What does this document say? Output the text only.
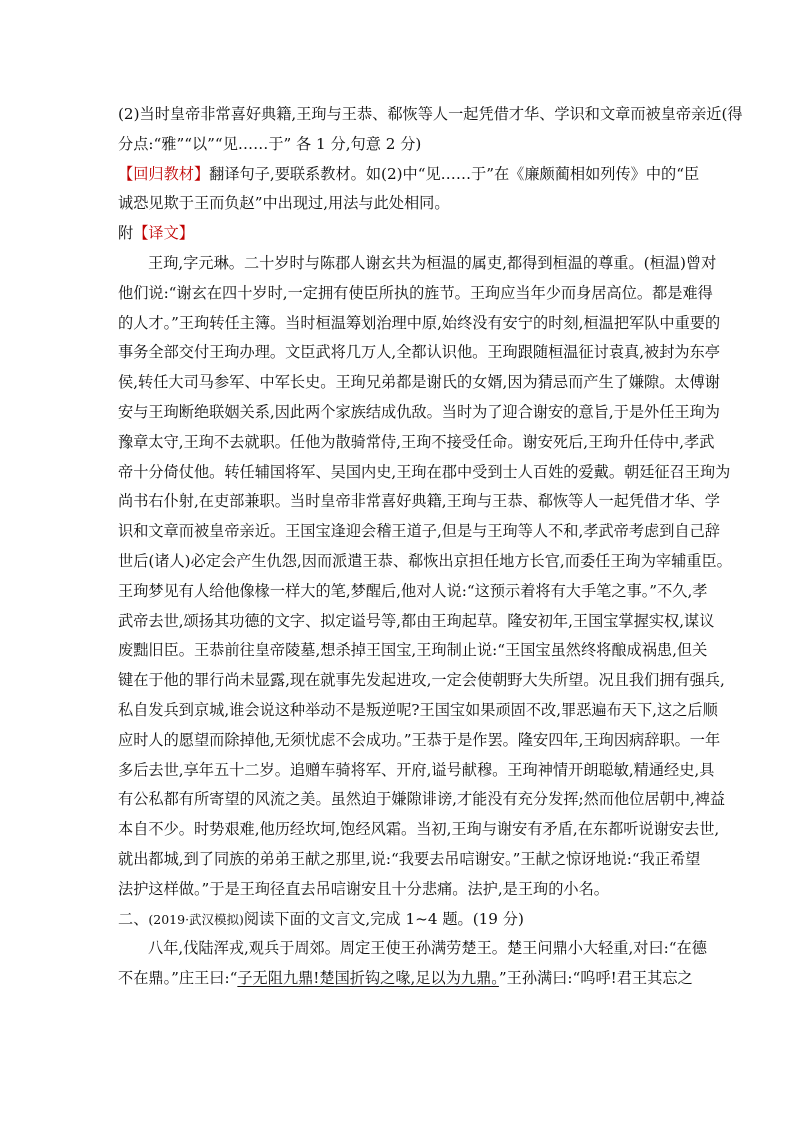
(2)当时皇帝非常喜好典籍,王珣与王恭、郗恢等人一起凭借才华、学识和文章而被皇帝亲近(得
分点:“雅”“以”“见……于” 各 1 分,句意 2 分)
【回归教材】翻译句子,要联系教材。如(2)中“见……于”在《廉颇蔺相如列传》中的“臣
诚恐见欺于王而负赵”中出现过,用法与此处相同。
附【译文】
王珣,字元琳。二十岁时与陈郡人谢玄共为桓温的属吏,都得到桓温的尊重。(桓温)曾对
他们说:“谢玄在四十岁时,一定拥有使臣所执的旌节。王珣应当年少而身居高位。都是难得
的人才。”王珣转任主簿。当时桓温筹划治理中原,始终没有安宁的时刻,桓温把军队中重要的
事务全部交付王珣办理。文臣武将几万人,全都认识他。王珣跟随桓温征讨袁真,被封为东亭
侯,转任大司马参军、中军长史。王珣兄弟都是谢氏的女婿,因为猜忌而产生了嫌隙。太傅谢
安与王珣断绝联姻关系,因此两个家族结成仇敌。当时为了迎合谢安的意旨,于是外任王珣为
豫章太守,王珣不去就职。任他为散骑常侍,王珣不接受任命。谢安死后,王珣升任侍中,孝武
帝十分倚仗他。转任辅国将军、吴国内史,王珣在郡中受到士人百姓的爱戴。朝廷征召王珣为
尚书右仆射,在吏部兼职。当时皇帝非常喜好典籍,王珣与王恭、郗恢等人一起凭借才华、学
识和文章而被皇帝亲近。王国宝逢迎会稽王道子,但是与王珣等人不和,孝武帝考虑到自己辞
世后(诸人)必定会产生仇怨,因而派遣王恭、郗恢出京担任地方长官,而委任王珣为宰辅重臣。
王珣梦见有人给他像椽一样大的笔,梦醒后,他对人说:“这预示着将有大手笔之事。”不久,孝
武帝去世,颂扬其功德的文字、拟定谥号等,都由王珣起草。隆安初年,王国宝掌握实权,谋议
废黜旧臣。王恭前往皇帝陵墓,想杀掉王国宝,王珣制止说:“王国宝虽然终将酿成祸患,但关
键在于他的罪行尚未显露,现在就事先发起进攻,一定会使朝野大失所望。况且我们拥有强兵,
私自发兵到京城,谁会说这种举动不是叛逆呢?王国宝如果顽固不改,罪恶遍布天下,这之后顺
应时人的愿望而除掉他,无须忧虑不会成功。”王恭于是作罢。隆安四年,王珣因病辞职。一年
多后去世,享年五十二岁。追赠车骑将军、开府,谥号献穆。王珣神情开朗聪敏,精通经史,具
有公私都有所寄望的风流之美。虽然迫于嫌隙诽谤,才能没有充分发挥;然而他位居朝中,裨益
本自不少。时势艰难,他历经坎坷,饱经风霜。当初,王珣与谢安有矛盾,在东都听说谢安去世,
就出都城,到了同族的弟弟王献之那里,说:“我要去吊唁谢安。”王献之惊讶地说:“我正希望
法护这样做。”于是王珣径直去吊唁谢安且十分悲痛。法护,是王珣的小名。
二、(2019·武汉模拟)阅读下面的文言文,完成 1~4 题。(19 分)
八年,伐陆浑戎,观兵于周郊。周定王使王孙满劳楚王。楚王问鼎小大轻重,对曰:“在德
不在鼎。”庄王曰:“子无阻九鼎!楚国折钩之喙,足以为九鼎。”王孙满曰:“呜呼!君王其忘之
